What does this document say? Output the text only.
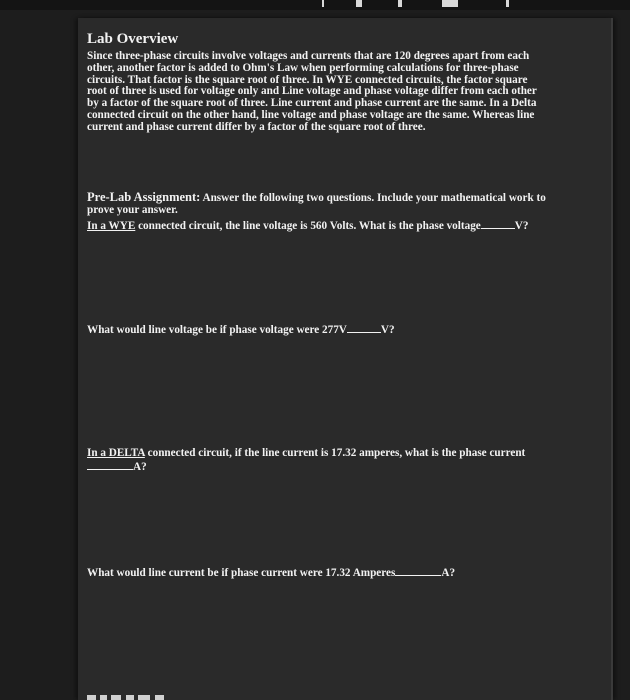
Lab Overview

Since three-phase circuits involve voltages and currents that are 120 degrees apart from each other, another factor is added to Ohm's Law when performing calculations for three-phase circuits. That factor is the square root of three. In WYE connected circuits, the factor square root of three is used for voltage only and Line voltage and phase voltage differ from each other by a factor of the square root of three. Line current and phase current are the same. In a Delta connected circuit on the other hand, line voltage and phase voltage are the same. Whereas line current and phase current differ by a factor of the square root of three.

Pre-Lab Assignment: Answer the following two questions. Include your mathematical work to prove your answer.

In a WYE connected circuit, the line voltage is 560 Volts. What is the phase voltage	V?

What would line voltage be if phase voltage were 277V	V?

In a DELTA connected circuit, if the line current is 17.32 amperes, what is the phase current
A?

What would line current be if phase current were 17.32 Amperes	A?
